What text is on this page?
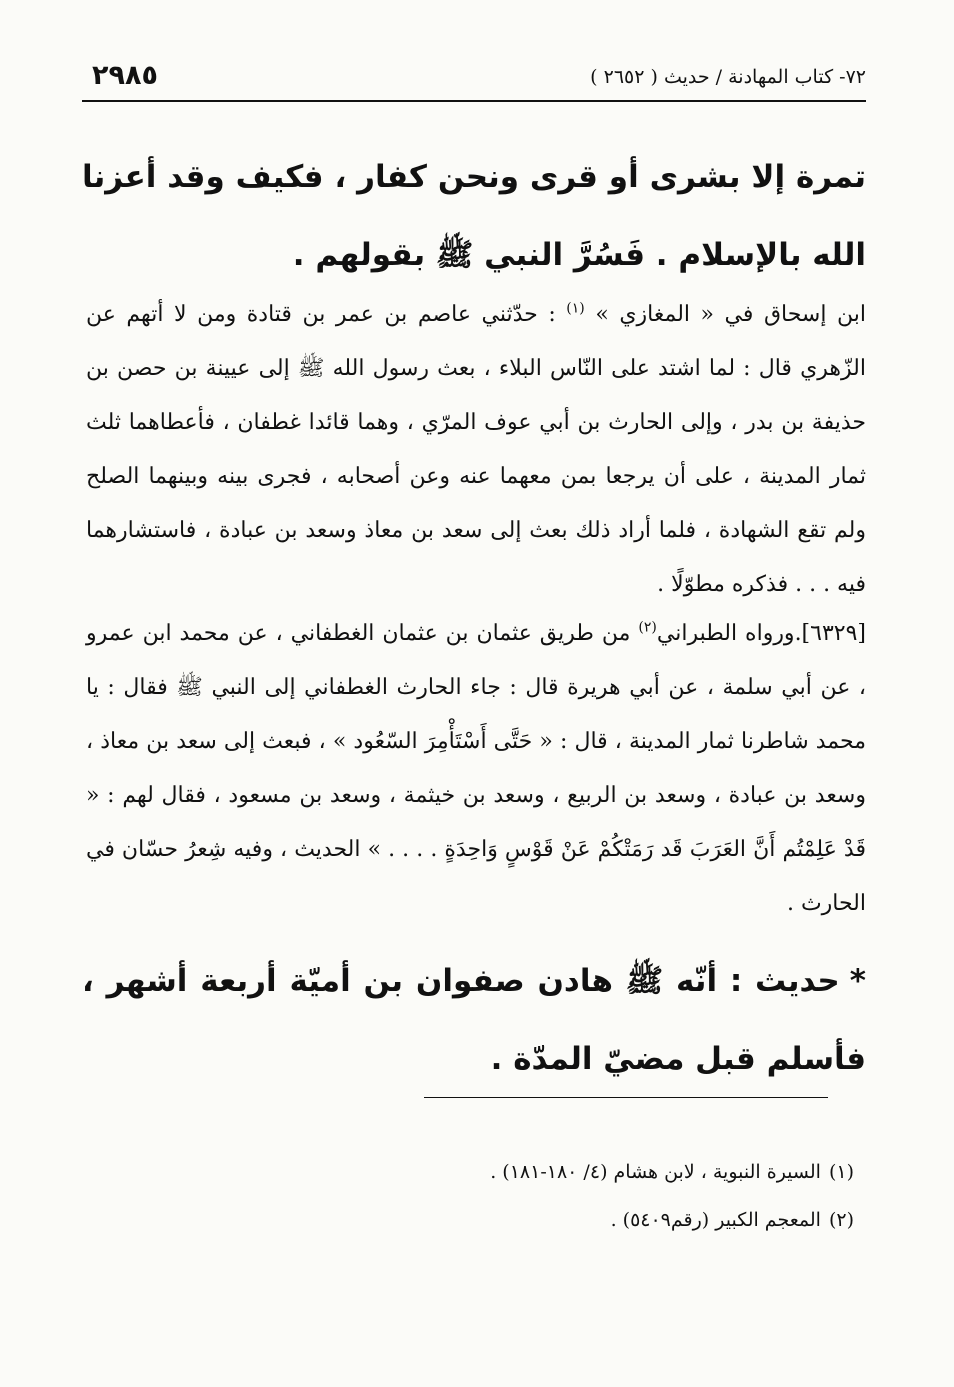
٢٩٨٥	٧٢- كتاب المهادنة / حديث ( ٢٦٥٢ )
تمرة إلا بشرى أو قرى ونحن كفار ، فكيف وقد أعزنا الله بالإسلام . فَسُرَّ النبي ﷺ بقولهم .
ابن إسحاق في « المغازي » $^{(١)}$ : حدّثني عاصم بن عمر بن قتادة ومن لا أتهم عن الزّهري قال : لما اشتد على النّاس البلاء ، بعث رسول الله ﷺ إلى عيينة بن حصن بن حذيفة بن بدر ، وإلى الحارث بن أبي عوف المرّي ، وهما قائدا غطفان ، فأعطاهما ثلث ثمار المدينة ، على أن يرجعا بمن معهما عنه وعن أصحابه ، فجرى بينه وبينهما الصلح ولم تقع الشهادة ، فلما أراد ذلك بعث إلى سعد بن معاذ وسعد بن عبادة ، فاستشارهما فيه . . . فذكره مطوّلًا .
[٦٣٢٩].ورواه الطبراني$^{(٢)}$ من طريق عثمان بن عثمان الغطفاني ، عن محمد ابن عمرو ، عن أبي سلمة ، عن أبي هريرة قال : جاء الحارث الغطفاني إلى النبي ﷺ فقال : يا محمد شاطرنا ثمار المدينة ، قال : « حَتَّى أَسْتَأْمِرَ السّعُود » ، فبعث إلى سعد بن معاذ ، وسعد بن عبادة ، وسعد بن الربيع ، وسعد بن خيثمة ، وسعد بن مسعود ، فقال لهم : « قَدْ عَلِمْتُم أَنَّ العَرَبَ قَد رَمَتْكُمْ عَنْ قَوْسٍ وَاحِدَةٍ . . . . » الحديث ، وفيه شِعرُ حسّان في الحارث .
*حديث : أنّه ﷺ هادن صفوان بن أميّة أربعة أشهر ، فأسلم قبل مضيّ المدّة .
(١)السيرة النبوية ، لابن هشام (٤/ ١٨٠-١٨١) .
(٢)المعجم الكبير (رقم٥٤٠٩) .
